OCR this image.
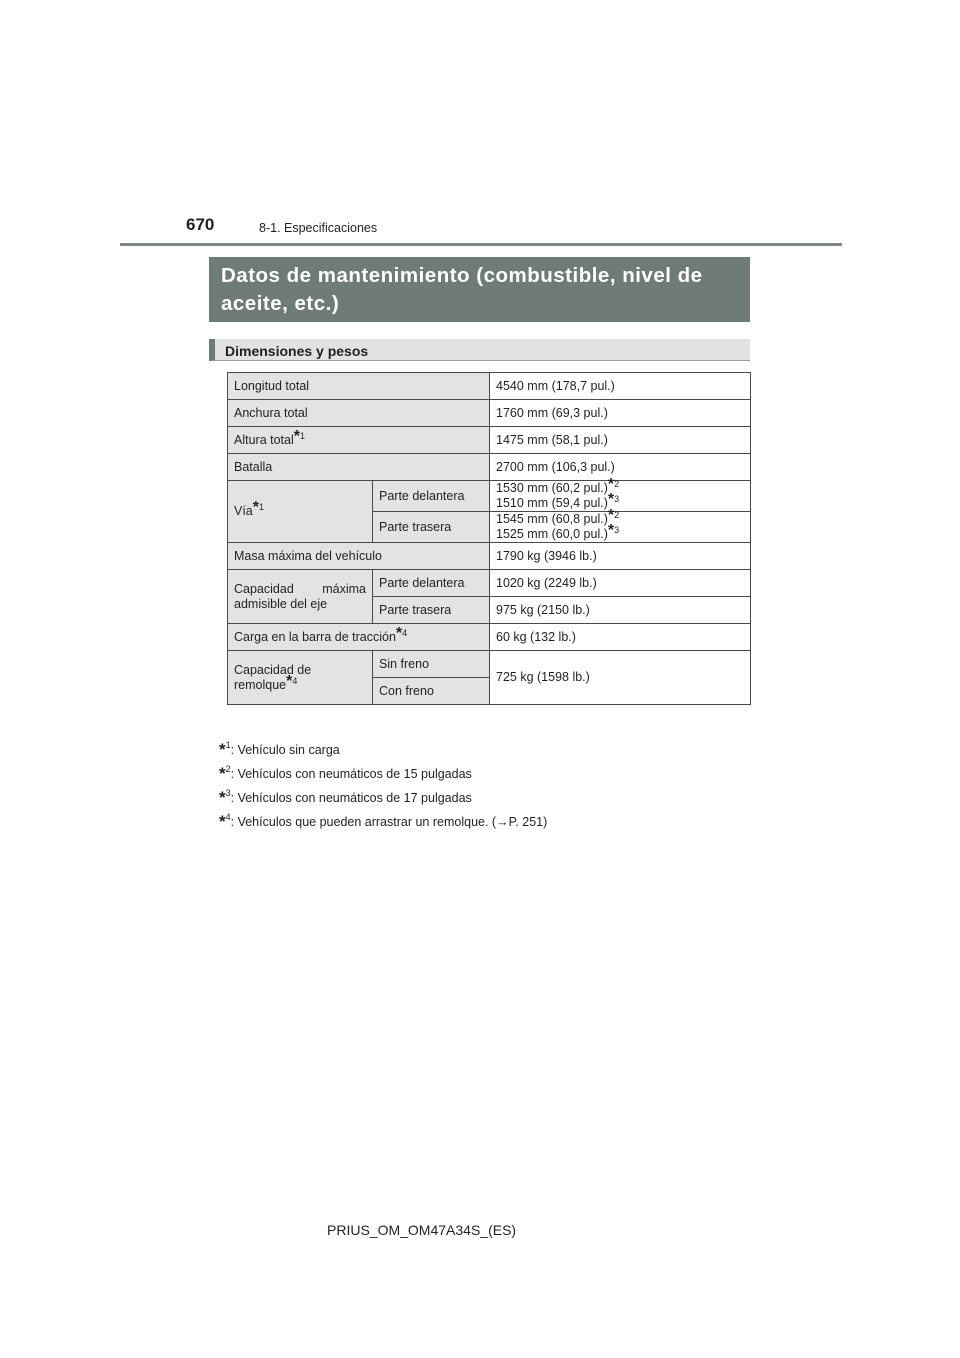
670	8-1. Especificaciones

Datos de mantenimiento (combustible, nivel de aceite, etc.)

Dimensiones y pesos
Longitud total		4540 mm (178,7 pul.)
Anchura total		1760 mm (69,3 pul.)
Altura total*$^1$		1475 mm (58,1 pul.)
Batalla		2700 mm (106,3 pul.)
Vía*$^1$	Parte delantera	1530 mm (60,2 pul.)*$^2$
1510 mm (59,4 pul.)*$^3$
	Parte trasera	1545 mm (60,8 pul.)*$^2$
1525 mm (60,0 pul.)*$^3$
Masa máxima del vehículo		1790 kg (3946 lb.)

Capacidad máxima
admisible del eje	Parte delantera	1020 kg (2249 lb.)
	Parte trasera	975 kg (2150 lb.)
Carga en la barra de tracción*$^4$		60 kg (132 lb.)

Capacidad de
remolque*$^4$	Sin freno	725 kg (1598 lb.)
	Con freno	
*$^1$: Vehículo sin carga
*$^2$: Vehículos con neumáticos de 15 pulgadas
*$^3$: Vehículos con neumáticos de 17 pulgadas
*$^4$: Vehículos que pueden arrastrar un remolque. (→P. 251)
PRIUS_OM_OM47A34S_(ES)
